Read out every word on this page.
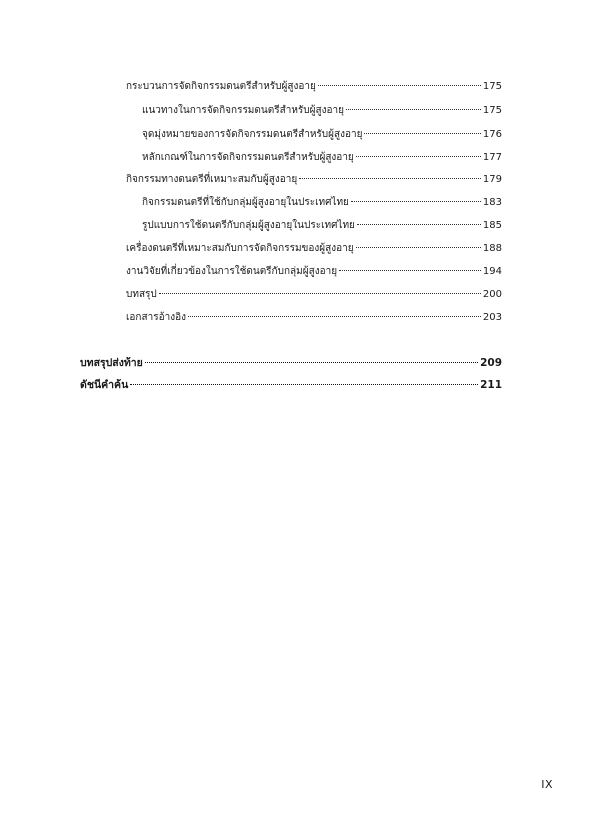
กระบวนการจัดกิจกรรมดนตรีสำหรับผู้สูงอายุ	175
แนวทางในการจัดกิจกรรมดนตรีสำหรับผู้สูงอายุ	175
จุดมุ่งหมายของการจัดกิจกรรมดนตรีสำหรับผู้สูงอายุ	176
หลักเกณฑ์ในการจัดกิจกรรมดนตรีสำหรับผู้สูงอายุ	177
กิจกรรมทางดนตรีที่เหมาะสมกับผู้สูงอายุ	179
กิจกรรมดนตรีที่ใช้กับกลุ่มผู้สูงอายุในประเทศไทย	183
รูปแบบการใช้ดนตรีกับกลุ่มผู้สูงอายุในประเทศไทย	185
เครื่องดนตรีที่เหมาะสมกับการจัดกิจกรรมของผู้สูงอายุ	188
งานวิจัยที่เกี่ยวข้องในการใช้ดนตรีกับกลุ่มผู้สูงอายุ	194
บทสรุป	200
เอกสารอ้างอิง	203
บทสรุปส่งท้าย	209
ดัชนีคำค้น	211
IX
